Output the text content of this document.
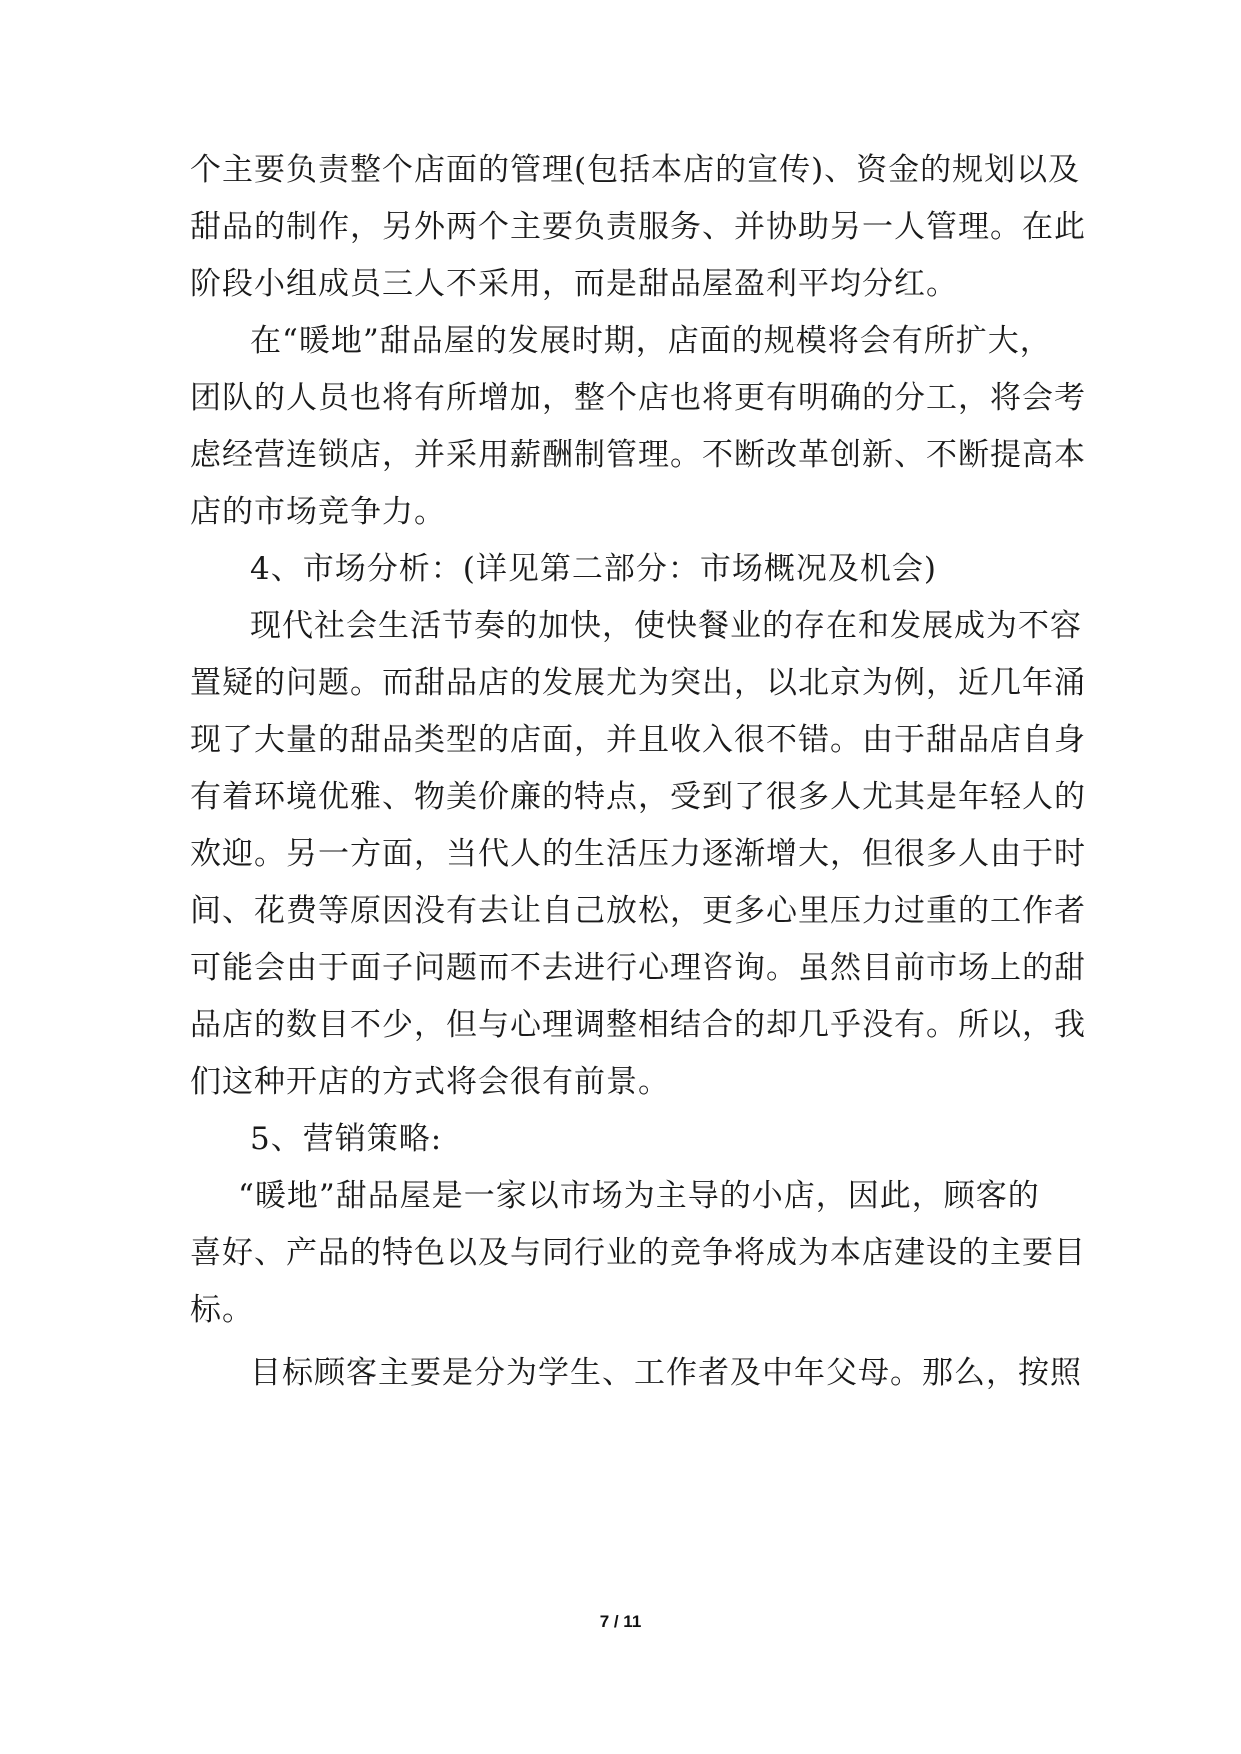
个主要负责整个店面的管理(包括本店的宣传)、资金的规划以及
甜品的制作，另外两个主要负责服务、并协助另一人管理。在此
阶段小组成员三人不采用，而是甜品屋盈利平均分红。
在“暖地”甜品屋的发展时期，店面的规模将会有所扩大，
团队的人员也将有所增加，整个店也将更有明确的分工，将会考
虑经营连锁店，并采用薪酬制管理。不断改革创新、不断提高本
店的市场竞争力。
4、市场分析：(详见第二部分：市场概况及机会)
现代社会生活节奏的加快，使快餐业的存在和发展成为不容
置疑的问题。而甜品店的发展尤为突出，以北京为例，近几年涌
现了大量的甜品类型的店面，并且收入很不错。由于甜品店自身
有着环境优雅、物美价廉的特点，受到了很多人尤其是年轻人的
欢迎。另一方面，当代人的生活压力逐渐增大，但很多人由于时
间、花费等原因没有去让自己放松，更多心里压力过重的工作者
可能会由于面子问题而不去进行心理咨询。虽然目前市场上的甜
品店的数目不少，但与心理调整相结合的却几乎没有。所以，我
们这种开店的方式将会很有前景。
5、营销策略:
“暖地”甜品屋是一家以市场为主导的小店，因此，顾客的
喜好、产品的特色以及与同行业的竞争将成为本店建设的主要目
标。
目标顾客主要是分为学生、工作者及中年父母。那么，按照
7 / 11
